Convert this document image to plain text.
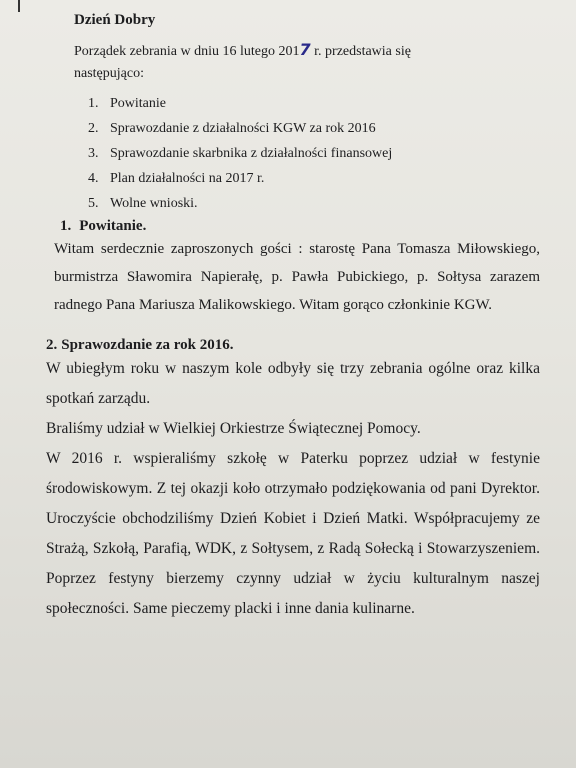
Dzień Dobry
Porządek zebrania w dniu 16 lutego 2017 r. przedstawia się
następująco:
1. Powitanie
2. Sprawozdanie z działalności KGW za rok 2016
3. Sprawozdanie skarbnika z działalności finansowej
4. Plan działalności na 2017 r.
5. Wolne wnioski.
1. Powitanie.
Witam serdecznie zaproszonych gości : starostę Pana Tomasza Miłowskiego, burmistrza Sławomira Napierałę, p. Pawła Pubickiego, p. Sołtysa zarazem radnego Pana Mariusza Malikowskiego. Witam gorąco członkinie KGW.
2. Sprawozdanie za rok 2016.
W ubiegłym roku w naszym kole odbyły się trzy zebrania ogólne oraz kilka spotkań zarządu.
Braliśmy udział w Wielkiej Orkiestrze Świątecznej Pomocy.
W 2016 r. wspieraliśmy szkołę w Paterku poprzez udział w festynie środowiskowym. Z tej okazji koło otrzymało podziękowania od pani Dyrektor. Uroczyście obchodziliśmy Dzień Kobiet i Dzień Matki. Współpracujemy ze Strażą, Szkołą, Parafią, WDK, z Sołtysem, z Radą Sołecką i Stowarzyszeniem. Poprzez festyny bierzemy czynny udział w życiu kulturalnym naszej społeczności. Same pieczemy placki i inne dania kulinarne.
